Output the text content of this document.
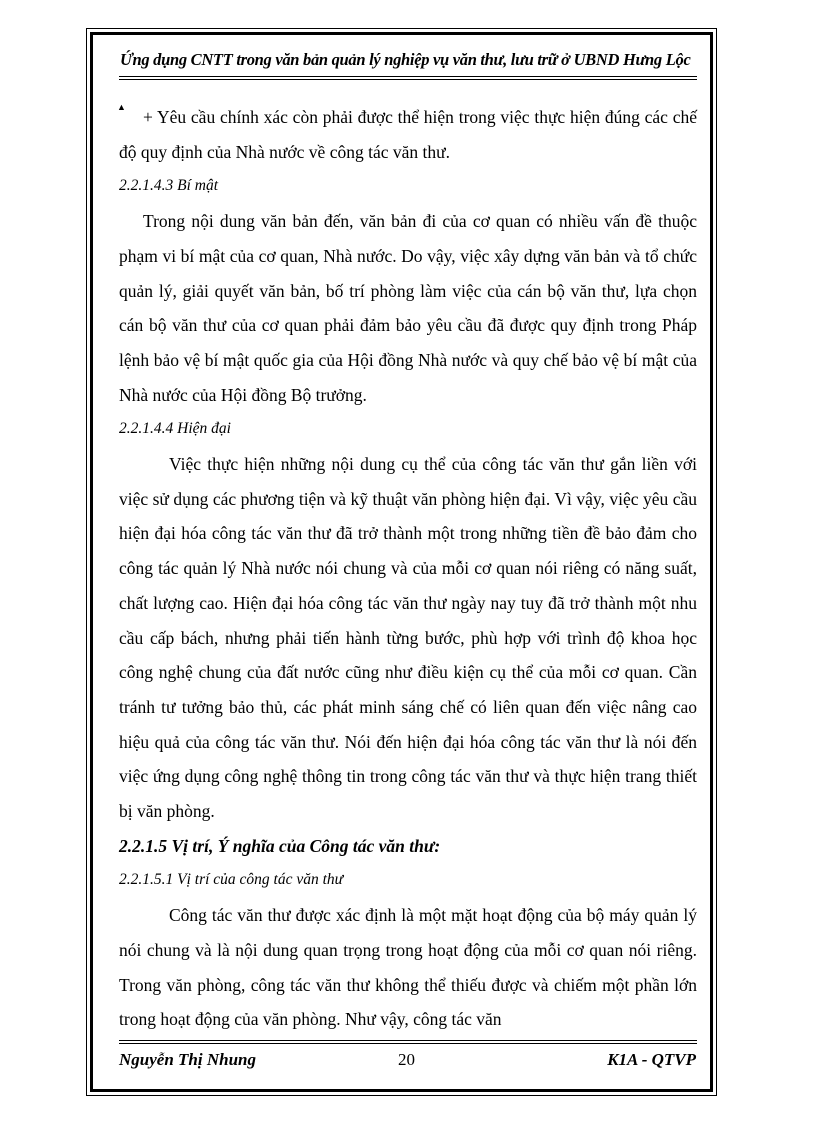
Ứng dụng CNTT trong văn bản quản lý nghiệp vụ văn thư, lưu trữ ở UBND Hưng Lộc
▲ + Yêu cầu chính xác còn phải được thể hiện trong việc thực hiện đúng các chế độ quy định của Nhà nước về công tác văn thư.

2.2.1.4.3 Bí mật

Trong nội dung văn bản đến, văn bản đi của cơ quan có nhiều vấn đề thuộc phạm vi bí mật của cơ quan, Nhà nước. Do vậy, việc xây dựng văn bản và tổ chức quản lý, giải quyết văn bản, bố trí phòng làm việc của cán bộ văn thư, lựa chọn cán bộ văn thư của cơ quan phải đảm bảo yêu cầu đã được quy định trong Pháp lệnh bảo vệ bí mật quốc gia của Hội đồng Nhà nước và quy chế bảo vệ bí mật của Nhà nước của Hội đồng Bộ trưởng.

2.2.1.4.4 Hiện đại

Việc thực hiện những nội dung cụ thể của công tác văn thư gắn liền với việc sử dụng các phương tiện và kỹ thuật văn phòng hiện đại. Vì vậy, việc yêu cầu hiện đại hóa công tác văn thư đã trở thành một trong những tiền đề bảo đảm cho công tác quản lý Nhà nước nói chung và của mỗi cơ quan nói riêng có năng suất, chất lượng cao. Hiện đại hóa công tác văn thư ngày nay tuy đã trở thành một nhu cầu cấp bách, nhưng phải tiến hành từng bước, phù hợp với trình độ khoa học công nghệ chung của đất nước cũng như điều kiện cụ thể của mỗi cơ quan. Cần tránh tư tưởng bảo thủ, các phát minh sáng chế có liên quan đến việc nâng cao hiệu quả của công tác văn thư. Nói đến hiện đại hóa công tác văn thư là nói đến việc ứng dụng công nghệ thông tin trong công tác văn thư và thực hiện trang thiết bị văn phòng.

2.2.1.5 Vị trí, Ý nghĩa của Công tác văn thư:

2.2.1.5.1 Vị trí của công tác văn thư

Công tác văn thư được xác định là một mặt hoạt động của bộ máy quản lý nói chung và là nội dung quan trọng trong hoạt động của mỗi cơ quan nói riêng. Trong văn phòng, công tác văn thư không thể thiếu được và chiếm một phần lớn trong hoạt động của văn phòng. Như vậy, công tác văn

Nguyễn Thị Nhung	20	K1A - QTVP
